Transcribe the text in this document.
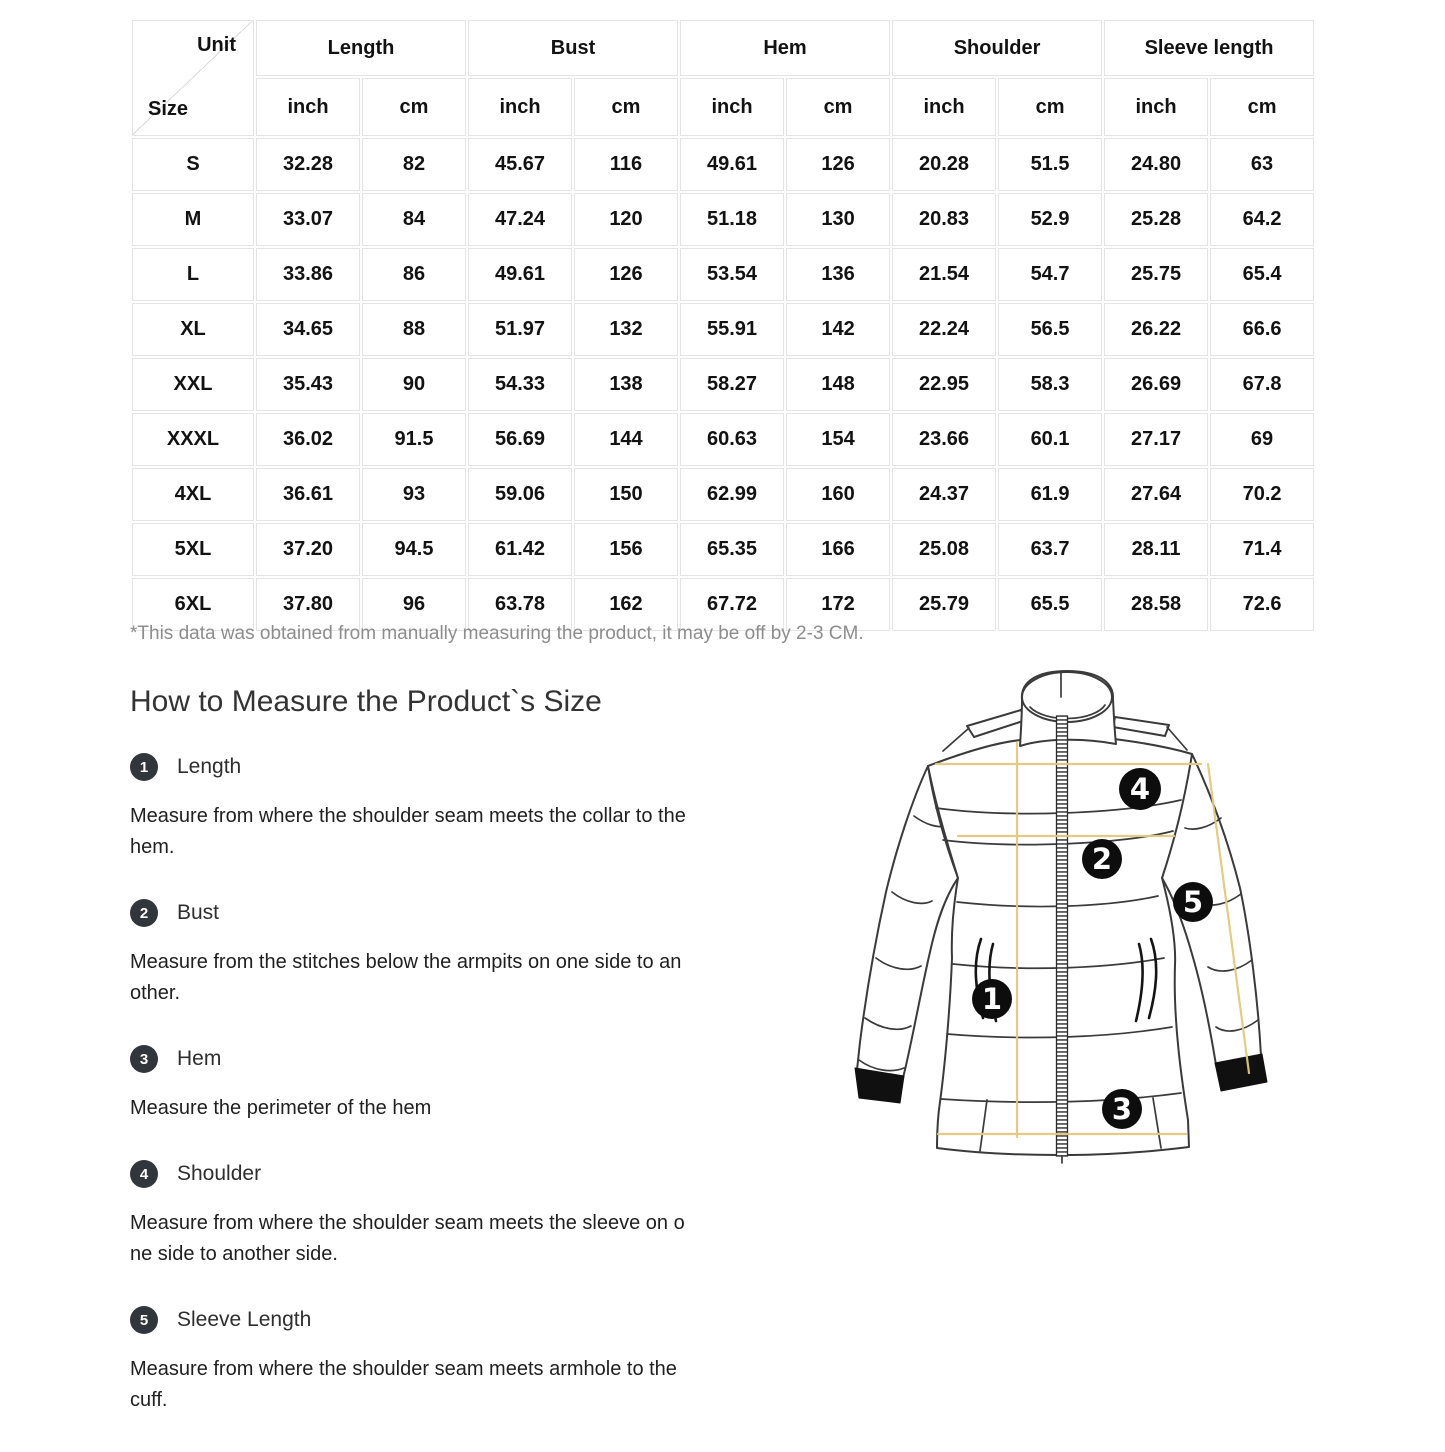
Unit
Size	Length		Bust		Hem		Shoulder		Sleeve length	
	inch	cm	inch	cm	inch	cm	inch	cm	inch	cm
S	32.28	82	45.67	116	49.61	126	20.28	51.5	24.80	63
M	33.07	84	47.24	120	51.18	130	20.83	52.9	25.28	64.2
L	33.86	86	49.61	126	53.54	136	21.54	54.7	25.75	65.4
XL	34.65	88	51.97	132	55.91	142	22.24	56.5	26.22	66.6
XXL	35.43	90	54.33	138	58.27	148	22.95	58.3	26.69	67.8
XXXL	36.02	91.5	56.69	144	60.63	154	23.66	60.1	27.17	69
4XL	36.61	93	59.06	150	62.99	160	24.37	61.9	27.64	70.2
5XL	37.20	94.5	61.42	156	65.35	166	25.08	63.7	28.11	71.4
6XL	37.80	96	63.78	162	67.72	172	25.79	65.5	28.58	72.6
*This data was obtained from manually measuring the product, it may be off by 2-3 CM.
How to Measure the Product`s Size
1	Length
Measure from where the shoulder seam meets the collar to the
hem.
2	Bust
Measure from the stitches below the armpits on one side to an
other.
3	Hem
Measure the perimeter of the hem
4	Shoulder
Measure from where the shoulder seam meets the sleeve on o
ne side to another side.
5	Sleeve Length
Measure from where the shoulder seam meets armhole to the
cuff.
1
2
3
4
5
